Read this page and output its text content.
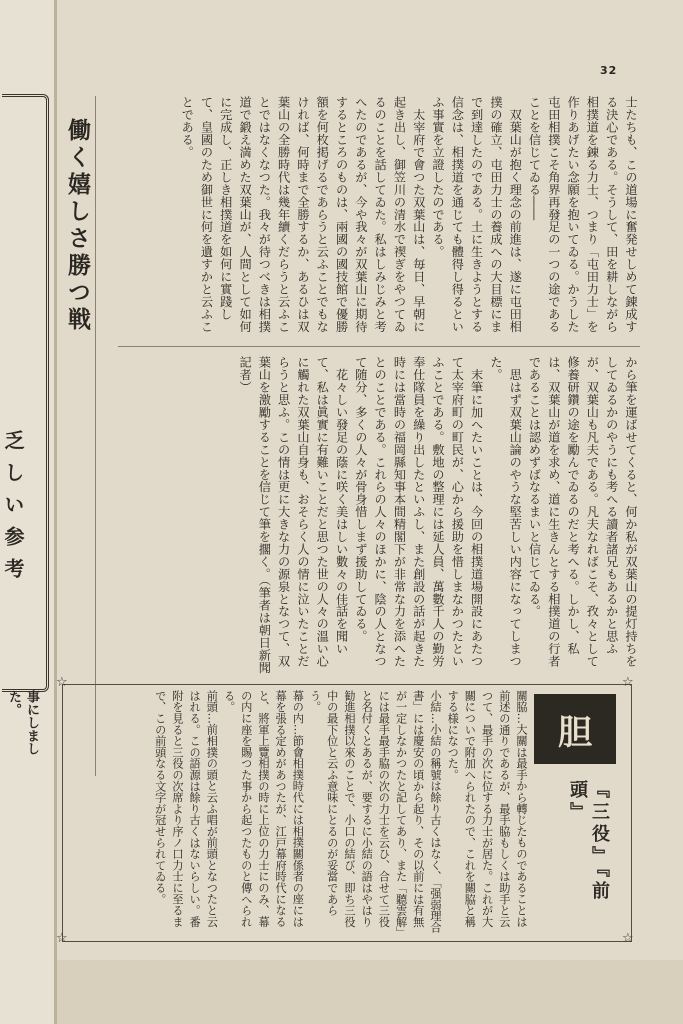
32
働く嬉しさ勝つ戦
乏しい参考
事にしました。
士たちも、この道場に奮発せしめて錬成する決心である。そうして、田を耕しながら相撲道を錬る力士、つまり「屯田力士」を作りあげたい念願を抱いてゐる。かうした屯田相撲こそ角界再發足の一つの途であることを信じてゐる――
　双葉山が抱く理念の前進は、遂に屯田相撲の確立、屯田力士の養成への大目標にまで到達したのである。土に生きようとする信念は、相撲道を通じても體得し得るといふ事實を立證したのである。
　太宰府で會つた双葉山は、毎日、早朝に起き出し、御笠川の清水で禊ぎをやつてゐるのことを話してゐた。私はしみじみと考へたのであるが、今や我々が双葉山に期待するところのものは、兩國の國技館で優勝額を何枚掲げるであらうと云ふことでもなければ、何時まで全勝するか、あるひは双葉山の全勝時代は幾年續くだらうと云ふことではなくなつた。我々が待つべきは相撲道で鍛え満めた双葉山が、人間として如何に完成し、正しき相撲道を如何に實踐して、皇國のため御世に何を遺すかと云ふことである。
から筆を運ばせてくると、何か私が双葉山の提灯持ちをしてゐるかのやうにも考へる讀者諸兄もあるかと思ふが、双葉山も凡夫である。凡夫なればこそ、孜々として修養研鑽の途を勵んでゐるのだと考へる。しかし、私は、双葉山が道を求め、道に生きんとする相撲道の行者であることは認めずばなるまいと信じてゐる。
　思はず双葉山論のやうな堅苦しい内容になってしまつた。
　末筆に加へたいことは、今回の相撲道場開設にあたつて太宰府町の町民が、心から援助を惜しまなかつたといふことである。敷地の整理には延人員、萬數千人の勤労奉仕隊員を繰り出したといふし、また創設の話が起きた時には當時の福岡縣知事本間精閣下が非常な力を添へたとのことである。これらの人々のほかに、陰の人となつて随分、多くの人々が骨身惜しまず援助してゐる。
　花々しい發足の蔭に咲く美はしい數々の佳話を聞いて、私は眞實に有難いことだと思つた世の人々の溫い心に觸れた双葉山自身も、おそらく人の情に泣いたことだらうと思ふ。この情は更に大きな力の源泉となつて、双葉山を激勵することを信じて筆を擱く。（筆者は朝日新聞記者）
☆	☆
☆	☆
胆
『三役』『前頭』
關脇…大關は最手から轉じたものであることは前述の通りであるが、最手脇もしくは助手と云つて、最手の次に位する力士が居た。これが大關についで附加へられたので、これを關脇と稱する様になつた。
小結…小結の稱號は餘り古くはなく、「强弱理合書」には慶安の頃から起り、その以前には有無が一定しなかつたと記してあり、また「聽雲解」には最手最手脇の次の力士を云ひ、合せて三役と名付くとあるが、要するに小結の語はやはり勧進相撲以來のことで、小口の結び、即ち三役中の最下位と云ふ意味にとるのが妥當であらう。
幕の内…節會相撲時代には相撲關係者の座には幕を張る定めがあつたが、江戸幕府時代になると、將軍上覽相撲の時に上位の力士にのみ、幕の内に座を賜つた事から起つたものと傳へられる。
前頭…前相撲の頭と云ふ唱が前頭となつたと云はれる。この語源は餘り古くはないらしい。番附を見ると三役の次席より序ノ口力士に至るまで、この前頭なる文字が冠せられてゐる。
